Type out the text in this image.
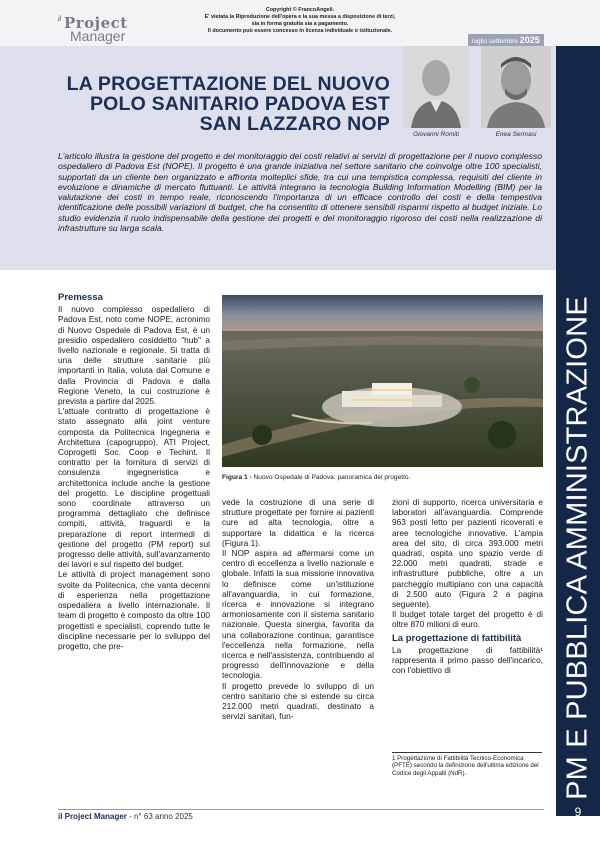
il Project
Manager
Copyright © FrancoAngeli.
E' vietata la Riproduzione dell'opera e la sua messa a disposizione di terzi,
sia in forma gratuita sia a pagamento.
Il documento può essere concesso in licenza individuale o istituzionale.
luglio settembre 2025
LA PROGETTAZIONE DEL NUOVO
POLO SANITARIO PADOVA EST
SAN LAZZARO NOP	Giovanni Romiti	Enea Sermasi
L'articolo illustra la gestione del progetto e del monitoraggio dei costi relativi ai servizi di progettazione per il nuovo complesso ospedaliero di Padova Est (NOPE). Il progetto è una grande iniziativa nel settore sanitario che coinvolge oltre 100 specialisti, supportati da un cliente ben organizzato e affronta molteplici sfide, tra cui una tempistica complessa, requisiti del cliente in evoluzione e dinamiche di mercato fluttuanti. Le attività integrano la tecnologia Building Information Modelling (BIM) per la valutazione dei costi in tempo reale, riconoscendo l'importanza di un efficace controllo dei costi e della tempestiva identificazione delle possibili variazioni di budget, che ha consentito di ottenere sensibili risparmi rispetto al budget iniziale. Lo studio evidenzia il ruolo indispensabile della gestione dei progetti e del monitoraggio rigoroso dei costi nella realizzazione di infrastrutture su larga scala.
PM E PUBBLICA AMMINISTRAZIONE
9
Premessa

Il nuovo complesso ospedaliero di Padova Est, noto come NOPE, acronimo di Nuovo Ospedale di Padova Est, è un presidio ospedaliero cosiddetto "hub" a livello nazionale e regionale. Si tratta di una delle strutture sanitarie più importanti in Italia, voluta dal Comune e dalla Provincia di Padova e dalla Regione Veneto, la cui costruzione è prevista a partire dal 2025.

L'attuale contratto di progettazione è stato assegnato alla joint venture composta da Politecnica Ingegneria e Architettura (capogruppo), ATI Project, Coprogetti Soc. Coop e Techint. Il contratto per la fornitura di servizi di consulenza ingegneristica e architettonica include anche la gestione del progetto. Le discipline progettuali sono coordinate attraverso un programma dettagliato che definisce compiti, attività, traguardi e la preparazione di report intermedi di gestione del progetto (PM report) sul progresso delle attività, sull'avanzamento dei lavori e sul rispetto del budget.

Le attività di project management sono svolte da Politecnica, che vanta decenni di esperienza nella progettazione ospedaliera a livello internazionale. Il team di progetto è composto da oltre 100 progettisti e specialisti, coprendo tutte le discipline necessarie per lo sviluppo del progetto, che pre-

Figura 1 - Nuovo Ospedale di Padova: panoramica del progetto.

vede la costruzione di una serie di strutture progettate per fornire ai pazienti cure ad alta tecnologia, oltre a supportare la didattica e la ricerca (Figura 1).

Il NOP aspira ad affermarsi come un centro di eccellenza a livello nazionale e globale. Infatti la sua missione innovativa lo definisce come un'istituzione all'avanguardia, in cui formazione, ricerca e innovazione si integrano armoniosamente con il sistema sanitario nazionale. Questa sinergia, favorita da una collaborazione continua, garantisce l'eccellenza nella formazione, nella ricerca e nell'assistenza, contribuendo al progresso dell'innovazione e della tecnologia.

Il progetto prevede lo sviluppo di un centro sanitario che si estende su circa 212.000 metri quadrati, destinato a servizi sanitari, fun-

zioni di supporto, ricerca universitaria e laboratori all'avanguardia. Comprende 963 posti letto per pazienti ricoverati e aree tecnologiche innovative. L'ampia area del sito, di circa 393.000 metri quadrati, ospita uno spazio verde di 22.000 metri quadrati, strade e infrastrutture pubbliche, oltre a un parcheggio multipiano con una capacità di 2.500 auto (Figura 2 a pagina seguente).

Il budget totale target del progetto è di oltre 870 milioni di euro.

La progettazione di fattibilità

La progettazione di fattibilità¹ rappresenta il primo passo dell'incarico, con l'obiettivo di

1 Progettazione di Fattibilità Tecnico-Economica (PFTE) secondo la definizione dell'ultima edizione del Codice degli Appalti (NdR).
il Project Manager - n° 63 anno 2025
